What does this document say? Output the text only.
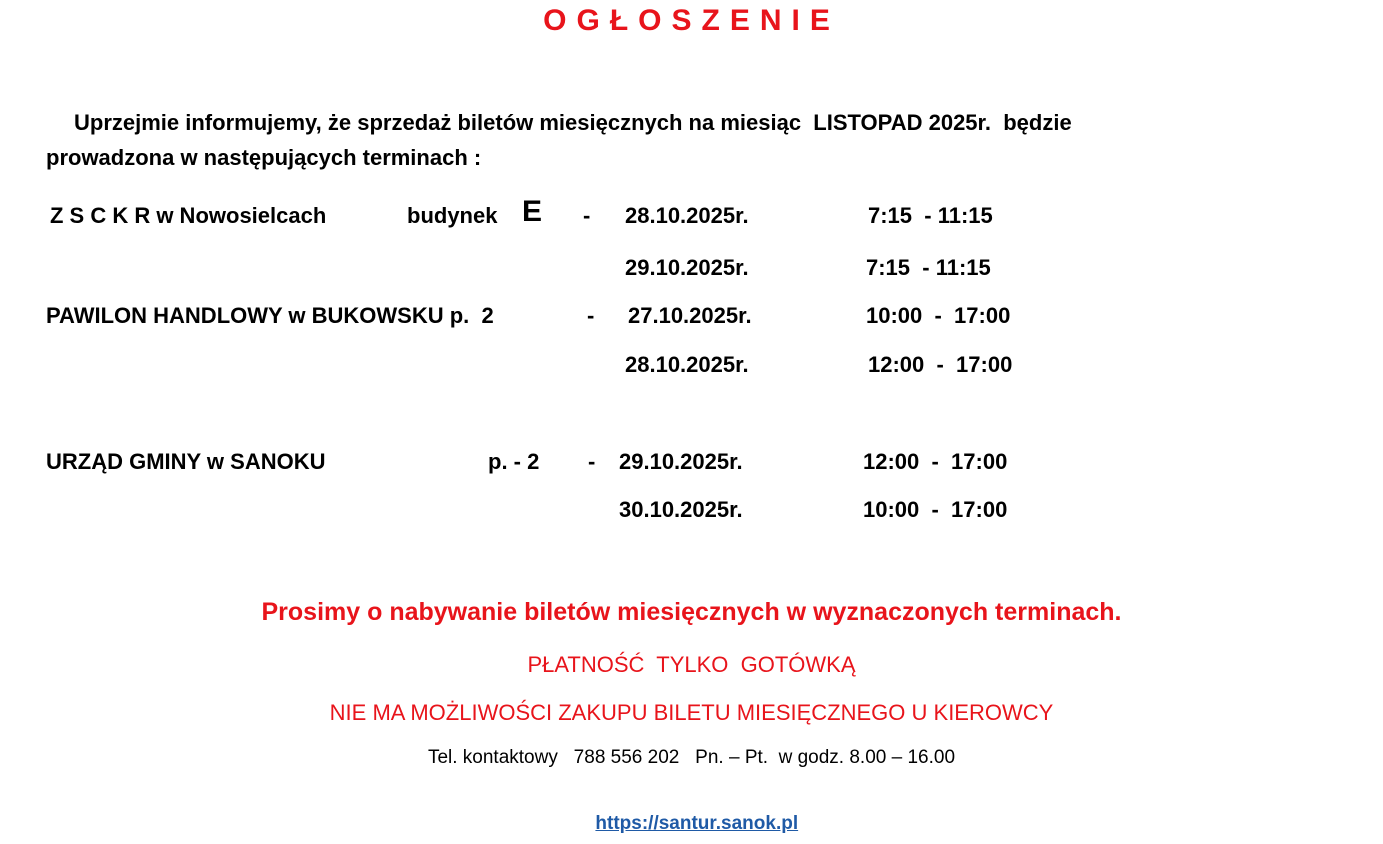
OGŁOSZENIE
Uprzejmie informujemy, że sprzedaż biletów miesięcznych na miesiąc  LISTOPAD 2025r.  będzie
prowadzona w następujących terminach :
Z S C K R w Nowosielcach	budynek E - 28.10.2025r.	7:15  - 11:15
29.10.2025r.	7:15  - 11:15
PAWILON HANDLOWY w BUKOWSKU p.  2	- 27.10.2025r.	10:00  -  17:00
28.10.2025r.	12:00  -  17:00
URZĄD GMINY w SANOKU	p. - 2 - 29.10.2025r.	12:00  -  17:00
30.10.2025r.	10:00  -  17:00
Prosimy o nabywanie biletów miesięcznych w wyznaczonych terminach.
PŁATNOŚĆ  TYLKO  GOTÓWKĄ
NIE MA MOŻLIWOŚCI ZAKUPU BILETU MIESIĘCZNEGO U KIEROWCY
Tel. kontaktowy   788 556 202   Pn. – Pt.  w godz. 8.00 – 16.00

https://santur.sanok.pl
